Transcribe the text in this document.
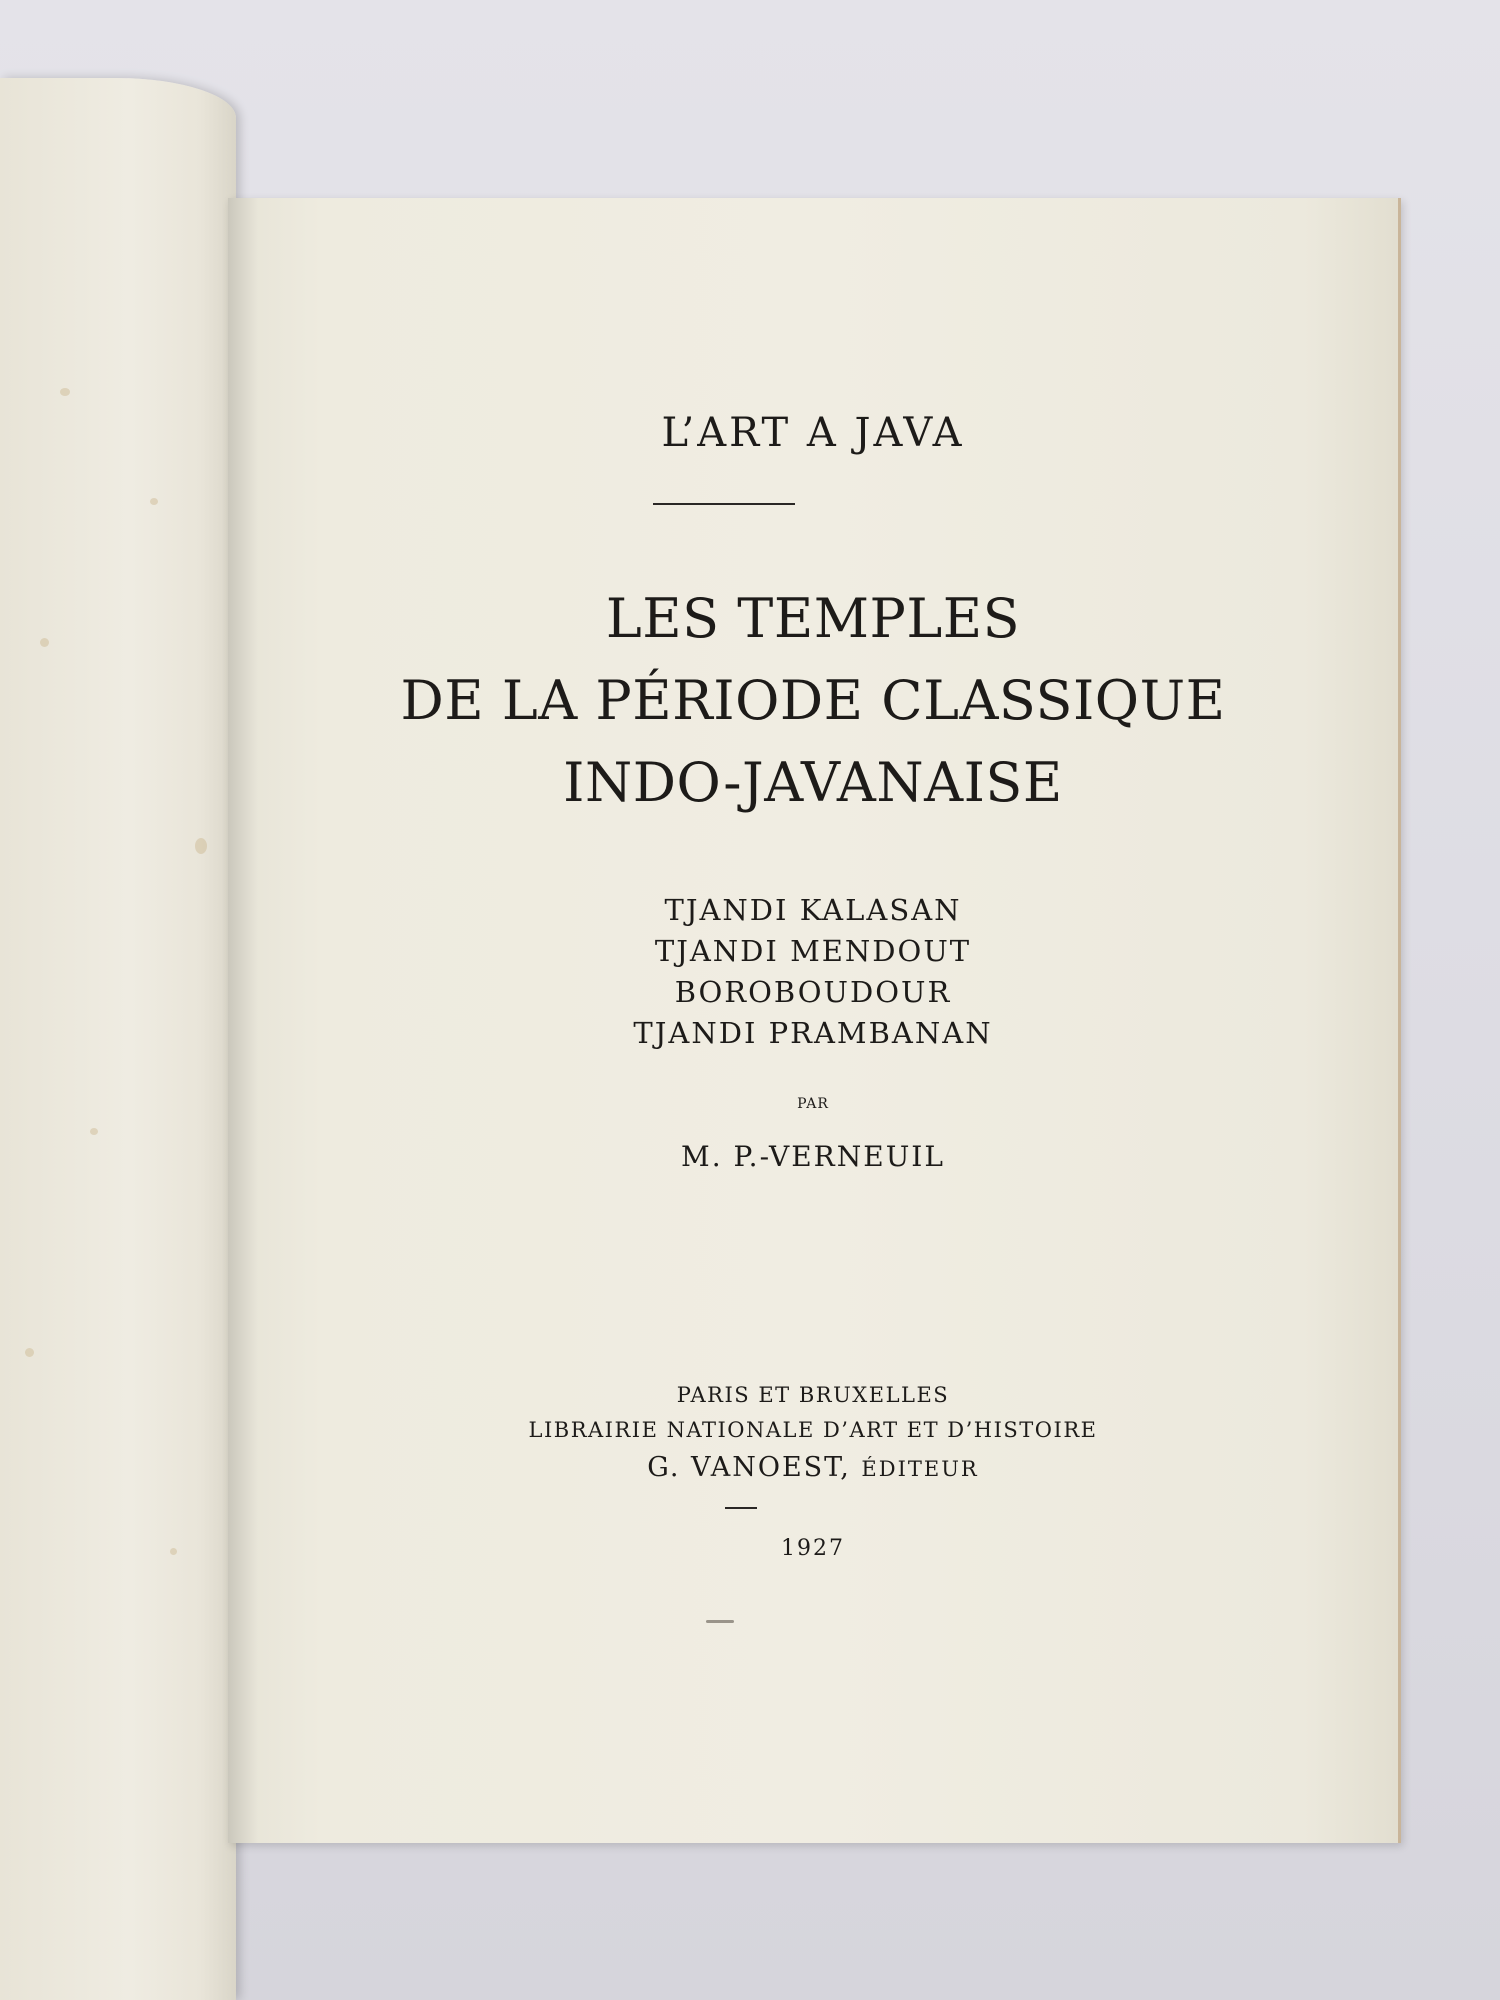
L’ART A JAVA
LES TEMPLES
DE LA PÉRIODE CLASSIQUE
INDO-JAVANAISE
TJANDI KALASAN
TJANDI MENDOUT
BOROBOUDOUR
TJANDI PRAMBANAN
PAR
M. P.-VERNEUIL
PARIS ET BRUXELLES
LIBRAIRIE NATIONALE D’ART ET D’HISTOIRE
G. VANOEST, ÉDITEUR
1927
